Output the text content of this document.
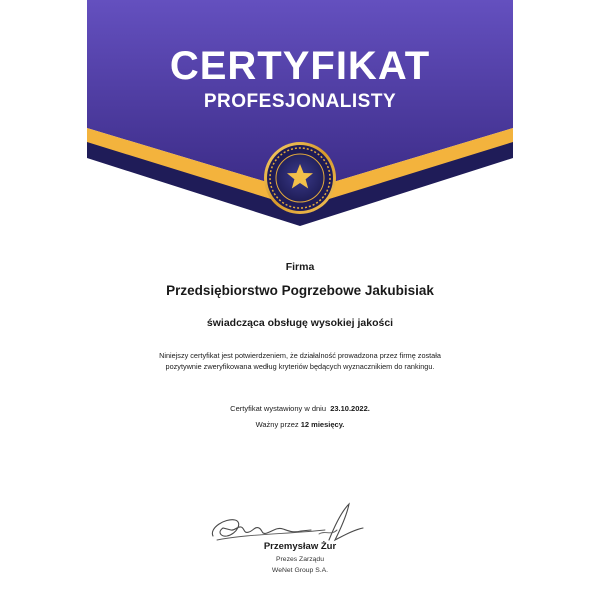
CERTYFIKAT
PROFESJONALISTY
Firma
Przedsiębiorstwo Pogrzebowe Jakubisiak
świadcząca obsługę wysokiej jakości
Niniejszy certyfikat jest potwierdzeniem, że działalność prowadzona przez firmę została pozytywnie zweryfikowana według kryteriów będących wyznacznikiem do rankingu.
Certyfikat wystawiony w dniu 23.10.2022.
Ważny przez 12 miesięcy.
Przemysław Żur
Prezes Zarządu
WeNet Group S.A.
